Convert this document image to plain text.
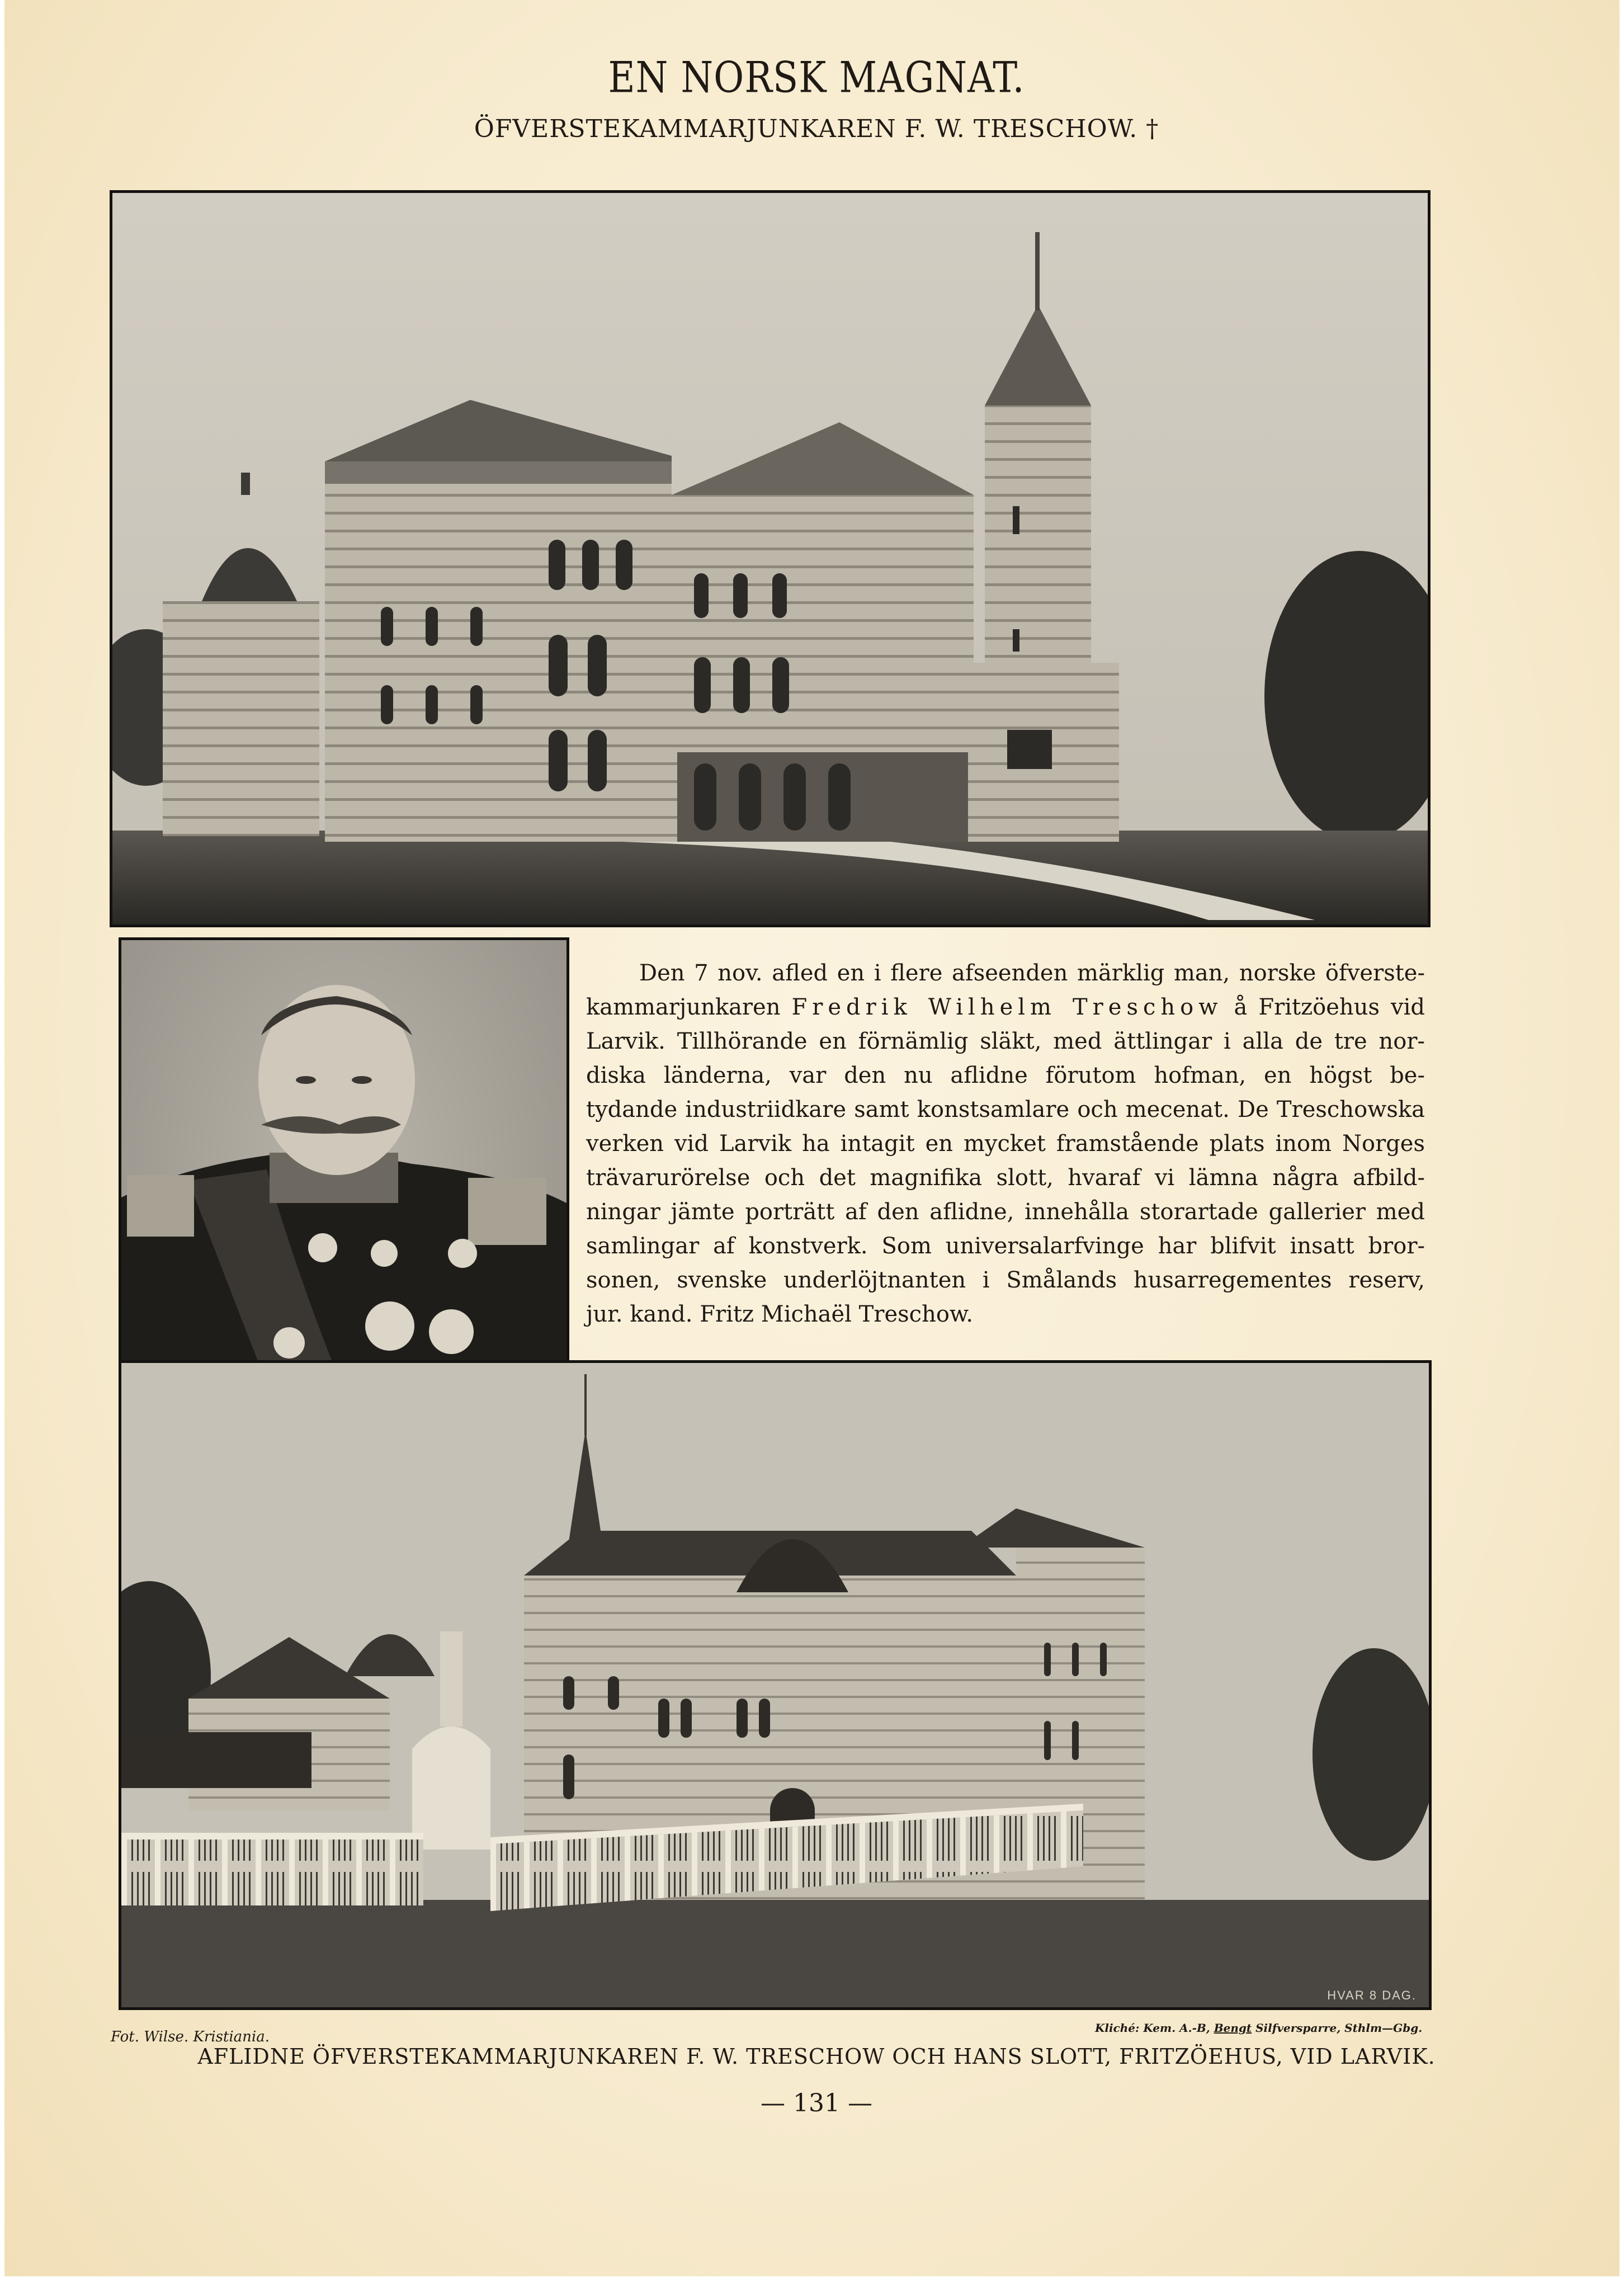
EN NORSK MAGNAT.
ÖFVERSTEKAMMARJUNKAREN F. W. TRESCHOW. †
HVAR 8 DAG.
Den 7 nov. afled en i flere afseenden märklig man, norske öfverste-
kammarjunkaren Fredrik Wilhelm Treschow å Fritzöehus vid
Larvik. Tillhörande en förnämlig släkt, med ättlingar i alla de tre nor-
diska länderna, var den nu aflidne förutom hofman, en högst be-
tydande industriidkare samt konstsamlare och mecenat. De Treschowska
verken vid Larvik ha intagit en mycket framstående plats inom Norges
trävarurörelse och det magnifika slott, hvaraf vi lämna några afbild-
ningar jämte porträtt af den aflidne, innehålla storartade gallerier med
samlingar af konstverk. Som universalarfvinge har blifvit insatt bror-
sonen, svenske underlöjtnanten i Smålands husarregementes reserv,
jur. kand. Fritz Michaël Treschow.
Fot. Wilse. Kristiania.
Kliché: Kem. A.-B, Bengt Silfversparre, Sthlm—Gbg.
AFLIDNE ÖFVERSTEKAMMARJUNKAREN F. W. TRESCHOW OCH HANS SLOTT, FRITZÖEHUS, VID LARVIK.
— 131 —
